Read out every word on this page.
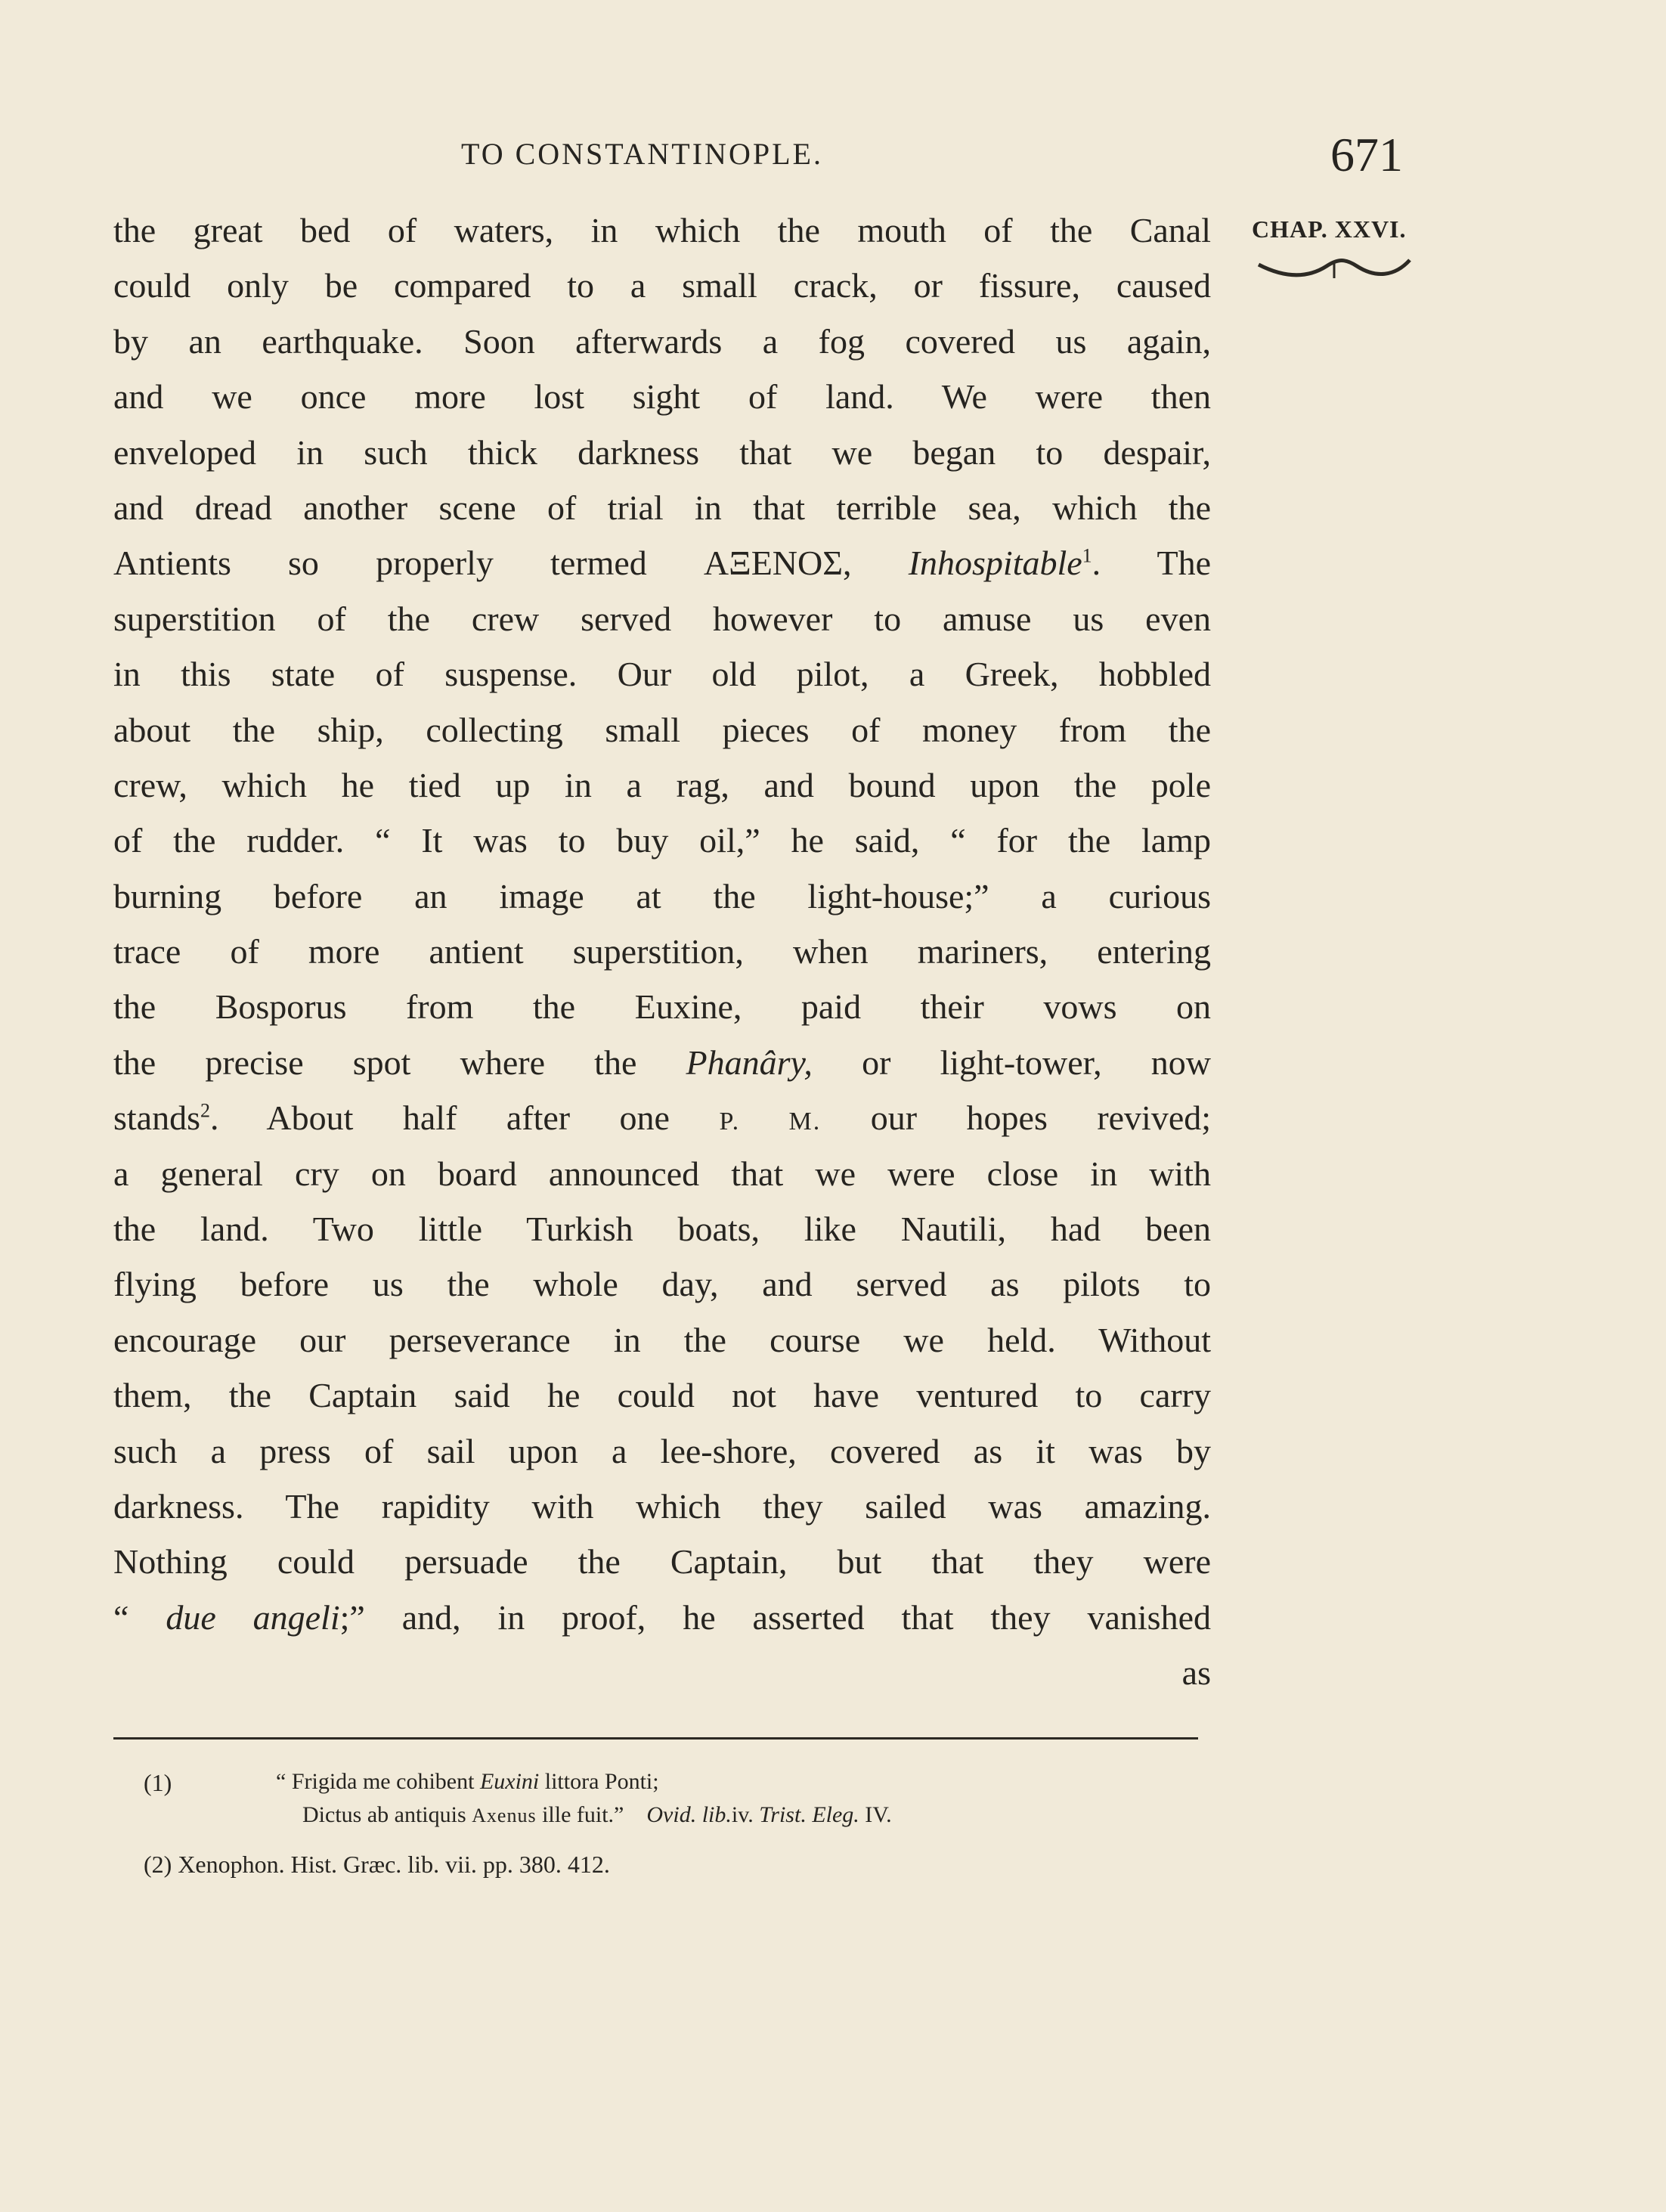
TO CONSTANTINOPLE.	671
CHAP. XXVI.
the great bed of waters, in which the mouth of the Canal
could only be compared to a small crack, or fissure, caused
by an earthquake. Soon afterwards a fog covered us again,
and we once more lost sight of land. We were then
enveloped in such thick darkness that we began to despair,
and dread another scene of trial in that terrible sea, which the
Antients so properly termed ΑΞΕΝΟΣ, Inhospitable$^1$. The
superstition of the crew served however to amuse us even
in this state of suspense. Our old pilot, a Greek, hobbled
about the ship, collecting small pieces of money from the
crew, which he tied up in a rag, and bound upon the pole
of the rudder. “ It was to buy oil,” he said, “ for the lamp
burning before an image at the light-house;” a curious
trace of more antient superstition, when mariners, entering
the Bosporus from the Euxine, paid their vows on
the precise spot where the Phanâry, or light-tower, now
stands$^2$. About half after one P. M. our hopes revived;
a general cry on board announced that we were close in with
the land. Two little Turkish boats, like Nautili, had been
flying before us the whole day, and served as pilots to
encourage our perseverance in the course we held. Without
them, the Captain said he could not have ventured to carry
such a press of sail upon a lee-shore, covered as it was by
darkness. The rapidity with which they sailed was amazing.
Nothing could persuade the Captain, but that they were
“ due angeli;” and, in proof, he asserted that they vanished
as
(1)	“ Frigida me cohibent Euxini littora Ponti;
Dictus ab antiquis Axenus ille fuit.” Ovid. lib.iv. Trist. Eleg. IV.
(2) Xenophon. Hist. Græc. lib. vii. pp. 380. 412.
